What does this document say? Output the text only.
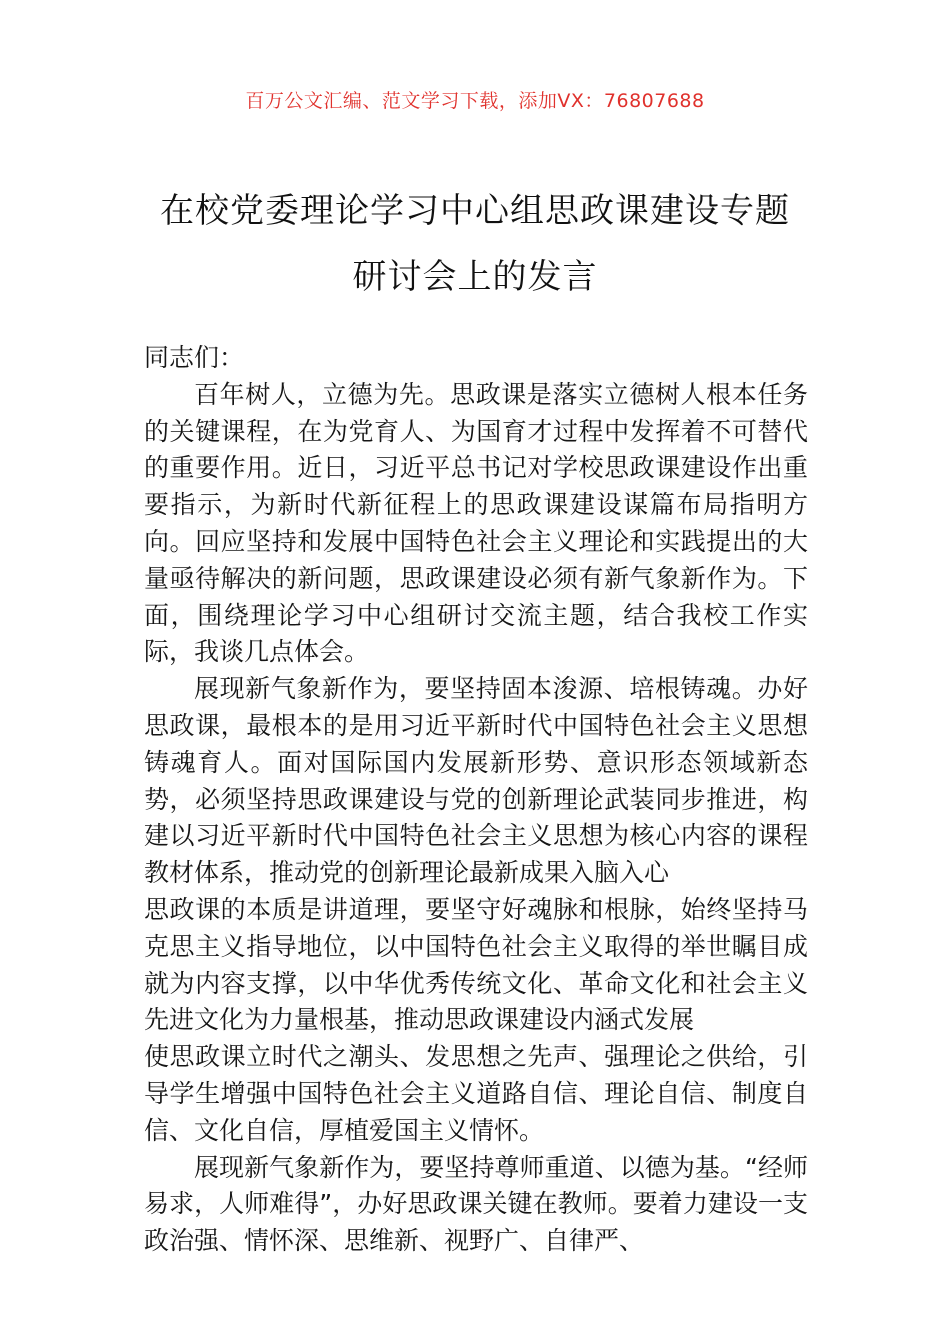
百万公文汇编、范文学习下载，添加VX：76807688
在校党委理论学习中心组思政课建设专题
研讨会上的发言

同志们：

百年树人，立德为先。思政课是落实立德树人根本任务的关键课程，在为党育人、为国育才过程中发挥着不可替代的重要作用。近日，习近平总书记对学校思政课建设作出重要指示，为新时代新征程上的思政课建设谋篇布局指明方向。回应坚持和发展中国特色社会主义理论和实践提出的大量亟待解决的新问题，思政课建设必须有新气象新作为。下面，围绕理论学习中心组研讨交流主题，结合我校工作实际，我谈几点体会。

展现新气象新作为，要坚持固本浚源、培根铸魂。办好思政课，最根本的是用习近平新时代中国特色社会主义思想铸魂育人。面对国际国内发展新形势、意识形态领域新态势，必须坚持思政课建设与党的创新理论武装同步推进，构建以习近平新时代中国特色社会主义思想为核心内容的课程教材体系，推动党的创新理论最新成果入脑入心

思政课的本质是讲道理，要坚守好魂脉和根脉，始终坚持马克思主义指导地位，以中国特色社会主义取得的举世瞩目成就为内容支撑，以中华优秀传统文化、革命文化和社会主义先进文化为力量根基，推动思政课建设内涵式发展

使思政课立时代之潮头、发思想之先声、强理论之供给，引导学生增强中国特色社会主义道路自信、理论自信、制度自信、文化自信，厚植爱国主义情怀。

展现新气象新作为，要坚持尊师重道、以德为基。“经师易求，人师难得”，办好思政课关键在教师。要着力建设一支政治强、情怀深、思维新、视野广、自律严、
